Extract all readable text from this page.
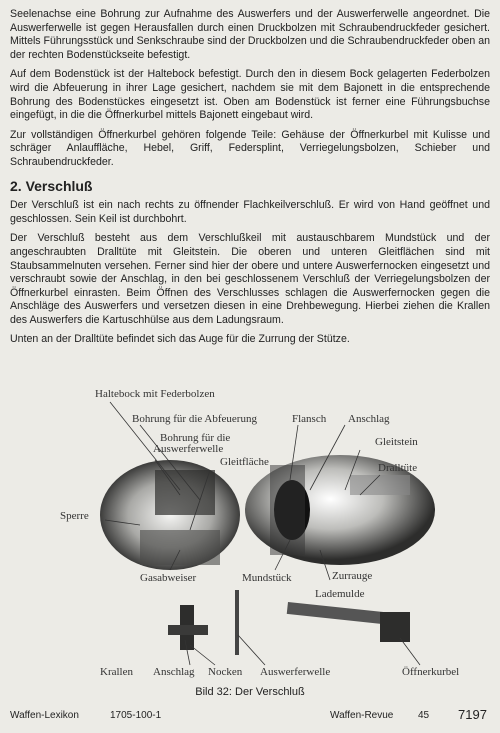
Seelenachse eine Bohrung zur Aufnahme des Auswerfers und der Auswerferwelle angeordnet. Die Auswerferwelle ist gegen Herausfallen durch einen Druckbolzen mit Schraubendruckfeder gesichert. Mittels Führungsstück und Senkschraube sind der Druckbolzen und die Schraubendruckfeder oben an der rechten Bodenstückseite befestigt.

Auf dem Bodenstück ist der Haltebock befestigt. Durch den in diesem Bock gelagerten Federbolzen wird die Abfeuerung in ihrer Lage gesichert, nachdem sie mit dem Bajonett in die entsprechende Bohrung des Bodenstückes eingesetzt ist. Oben am Bodenstück ist ferner eine Führungsbuchse eingefügt, in die die Öffnerkurbel mittels Bajonett eingebaut wird.

Zur vollständigen Öffnerkurbel gehören folgende Teile: Gehäuse der Öffnerkurbel mit Kulisse und schräger Anlauffläche, Hebel, Griff, Federsplint, Verriegelungsbolzen, Schieber und Schraubendruckfeder.

2. Verschluß

Der Verschluß ist ein nach rechts zu öffnender Flachkeilverschluß. Er wird von Hand geöffnet und geschlossen. Sein Keil ist durchbohrt.

Der Verschluß besteht aus dem Verschlußkeil mit austauschbarem Mundstück und der angeschraubten Dralltüte mit Gleitstein. Die oberen und unteren Gleitflächen sind mit Staubsammelnuten versehen. Ferner sind hier der obere und untere Auswerfernocken eingesetzt und verschraubt sowie der Anschlag, in den bei geschlossenem Verschluß der Verriegelungsbolzen der Öffnerkurbel einrasten. Beim Öffnen des Verschlusses schlagen die Auswerfernocken gegen die Anschläge des Auswerfers und versetzen diesen in eine Drehbewegung. Hierbei ziehen die Krallen des Auswerfers die Kartuschhülse aus dem Ladungsraum.

Unten an der Dralltüte befindet sich das Auge für die Zurrung der Stütze.

Haltebock mit Federbolzen
Bohrung für die Abfeuerung	Flansch Anschlag
Bohrung für die
Auswerferwelle
Gleitstein
Gleitfläche	Dralltüte
Sperre
Gasabweiser	Mundstück	Zurrauge
Lademulde
Krallen Anschlag Nocken Auswerferwelle	Öffnerkurbel
Bild 32: Der Verschluß
Waffen-Lexikon	1705-100-1	Waffen-Revue 45 7197
